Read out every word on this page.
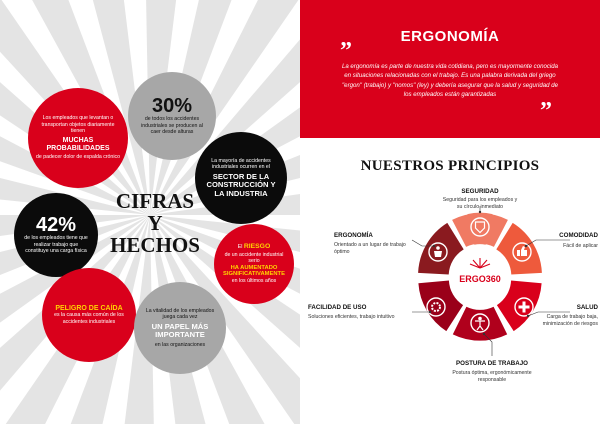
Los empleados que levantan o transportan objetos diariamente tienen
MUCHAS PROBABILIDADES
de padecer dolor de espalda crónico
30%
de todos los accidentes industriales se producen al caer desde alturas
La mayoría de accidentes industriales ocurren en el
SECTOR DE LA CONSTRUCCIÓN Y LA INDUSTRIA
42%
de los empleados tiene que realizar trabajo que constituye una carga física
CIFRAS
Y
HECHOS	El RIESGO
de un accidente industrial serio
HA AUMENTADO SIGNIFICATIVAMENTE
en los últimos años
PELIGRO DE CAÍDA
es la causa más común de los accidentes industriales
La vitalidad de los empleados juega cada vez
UN PAPEL MÁS IMPORTANTE
en las organizaciones
ERGONOMÍA
”

La ergonomía es parte de nuestra vida cotidiana, pero es mayormente conocida en situaciones relacionadas con el trabajo. Es una palabra derivada del griego "ergon" (trabajo) y "nomos" (ley) y debería asegurar que la salud y seguridad de los empleados están garantizadas

”
NUESTROS PRINCIPIOS
ERGO360
SEGURIDAD
Seguridad para los empleados y su círculo inmediato
COMODIDAD
Fácil de aplicar
SALUD
Carga de trabajo baja, minimización de riesgos
POSTURA DE TRABAJO
Postura óptima, ergonómicamente responsable
FACILIDAD DE USO
Soluciones eficientes, trabajo intuitivo
ERGONOMÍA
Orientado a un lugar de trabajo óptimo
